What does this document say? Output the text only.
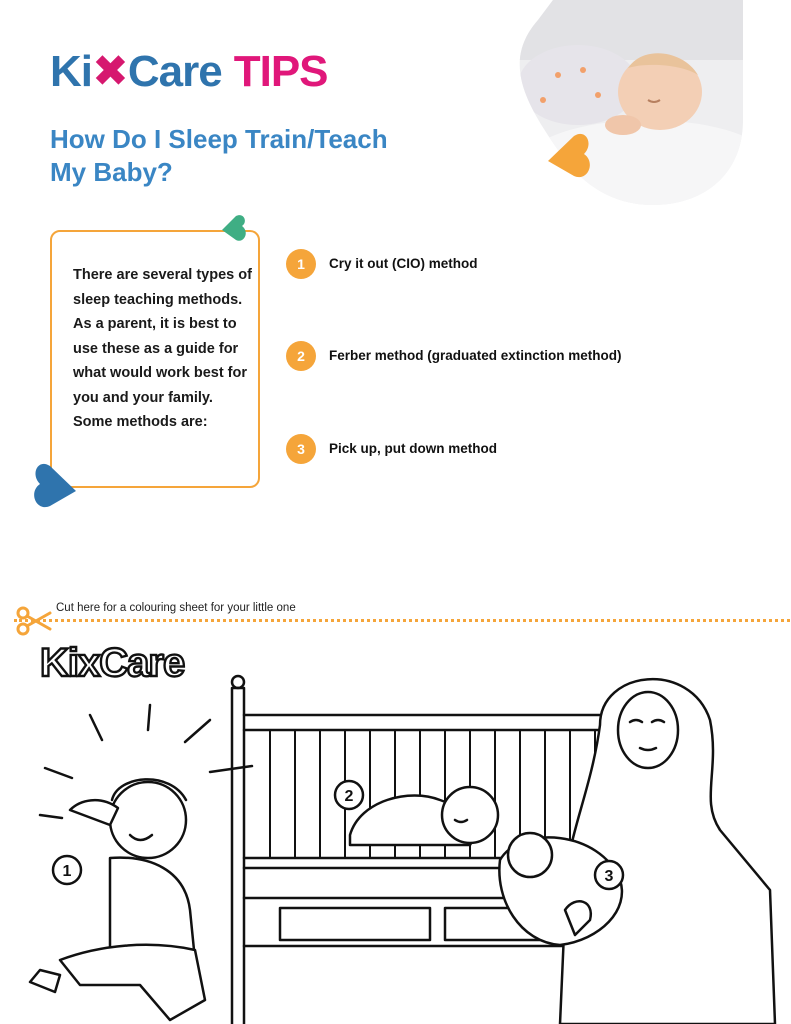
Ki✖Care TIPS
How Do I Sleep Train/Teach My Baby?
There are several types of sleep teaching methods. As a parent, it is best to use these as a guide for what would work best for you and your family. Some methods are:
1	Cry it out (CIO) method
2	Ferber method (graduated extinction method)
3	Pick up, put down method
Cut here for a colouring sheet for your little one
KixCare
1
2
3
